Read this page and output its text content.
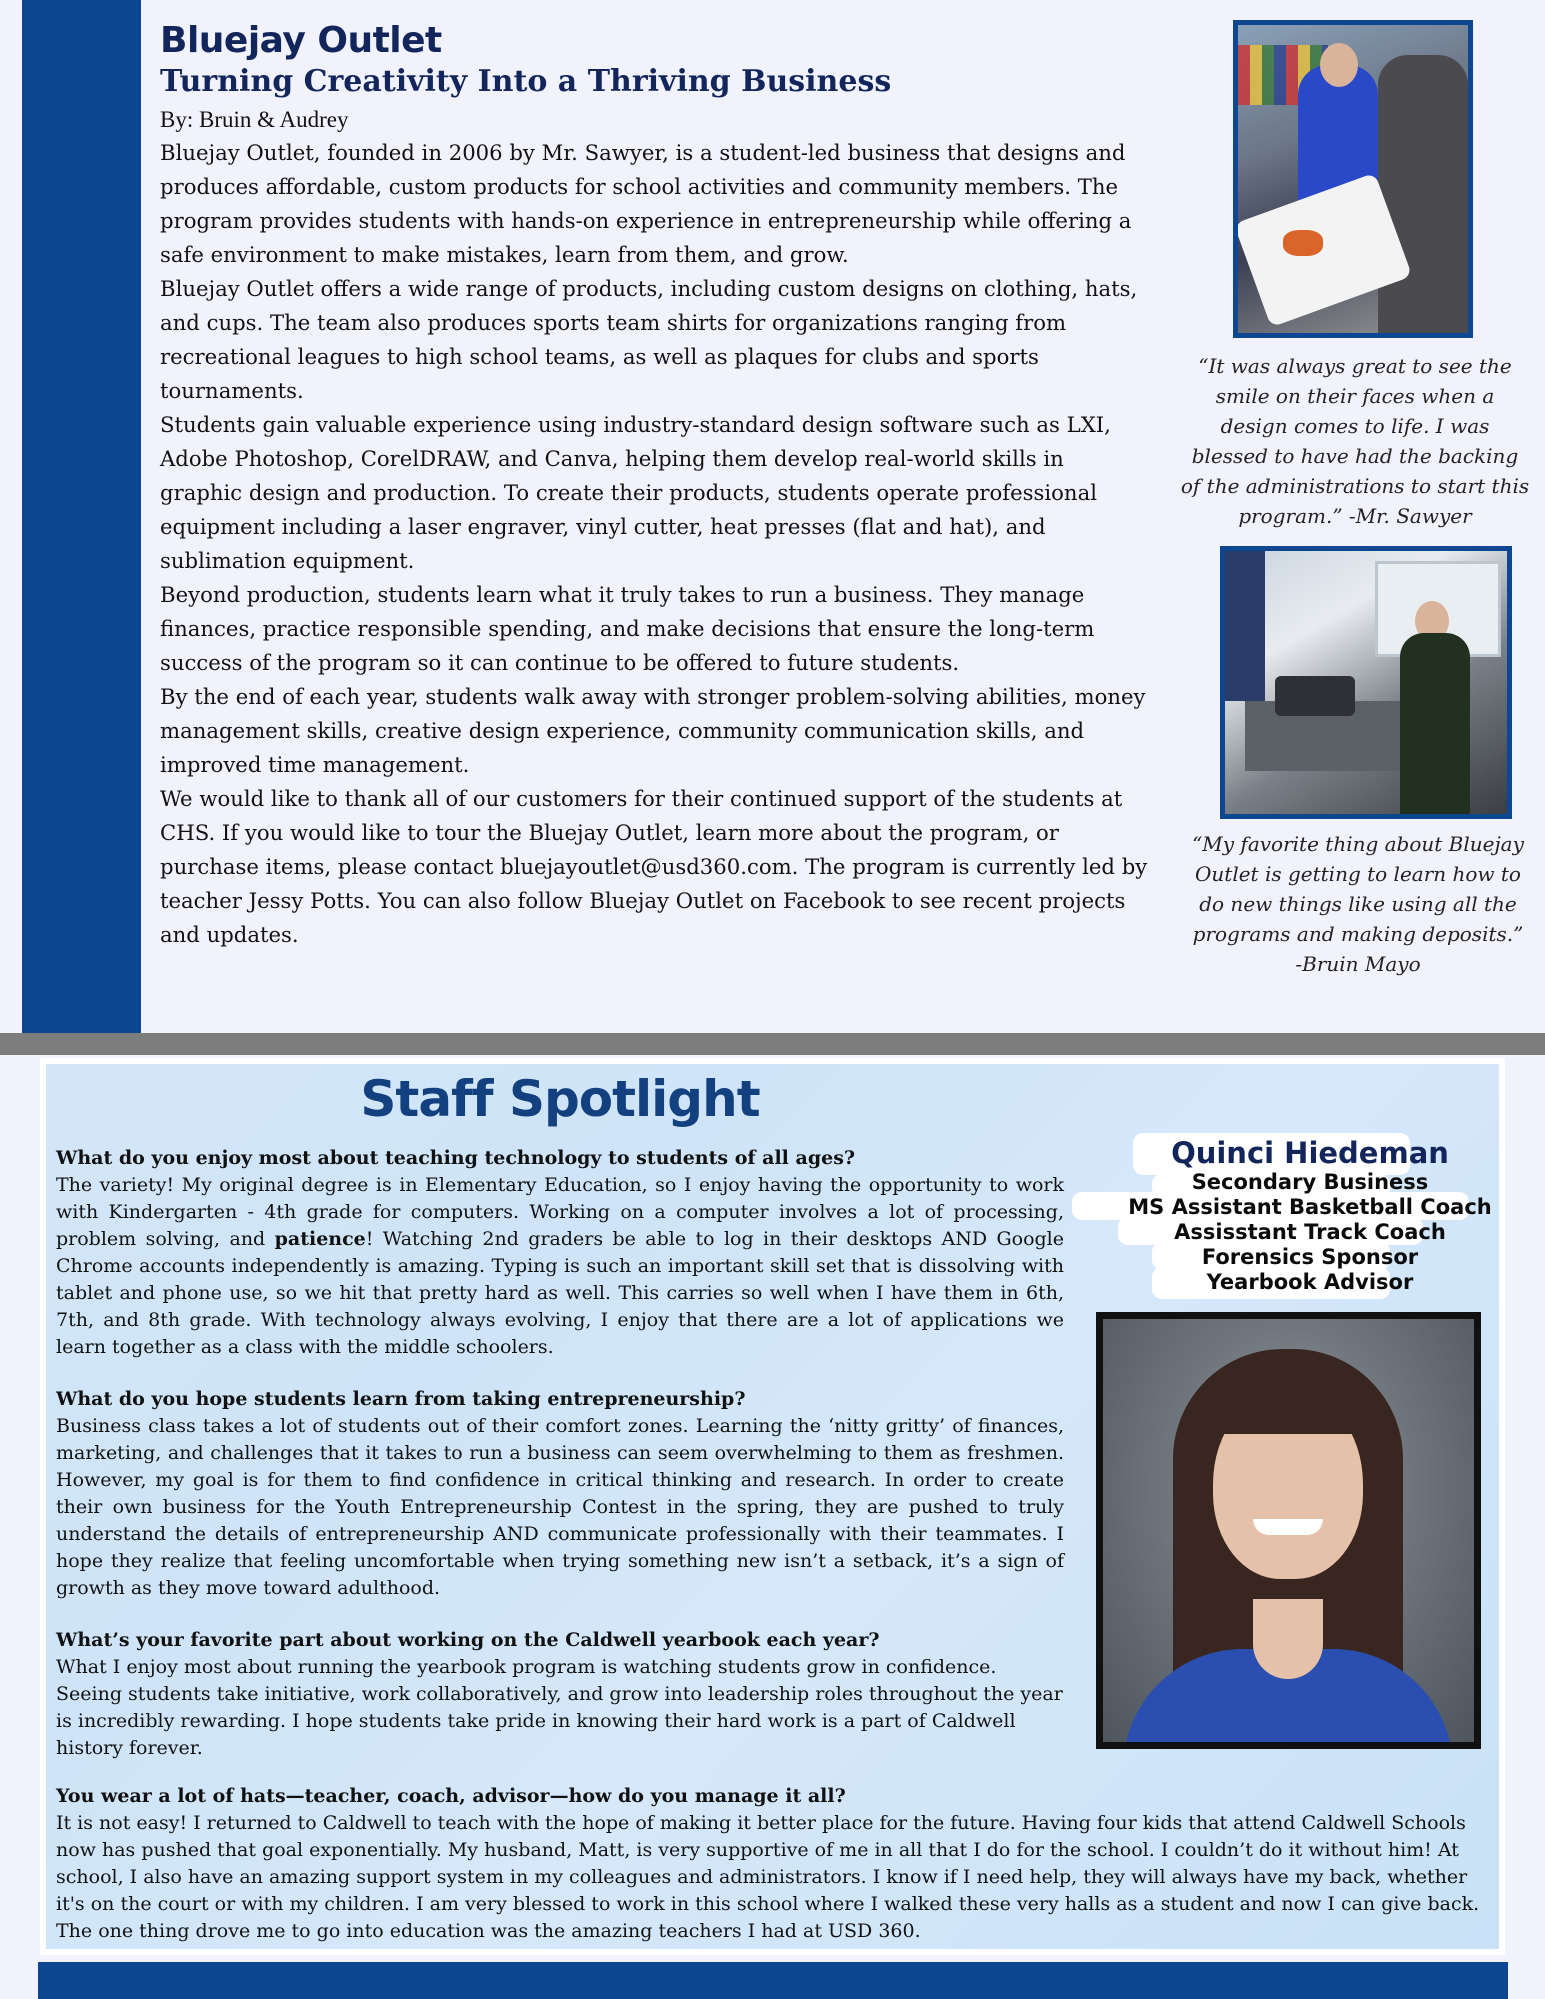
Bluejay Outlet
Turning Creativity Into a Thriving Business
By: Bruin & Audrey

Bluejay Outlet, founded in 2006 by Mr. Sawyer, is a student-led business that designs and produces affordable, custom products for school activities and community members. The program provides students with hands-on experience in entrepreneurship while offering a safe environment to make mistakes, learn from them, and grow.

Bluejay Outlet offers a wide range of products, including custom designs on clothing, hats, and cups. The team also produces sports team shirts for organizations ranging from recreational leagues to high school teams, as well as plaques for clubs and sports tournaments.

Students gain valuable experience using industry-standard design software such as LXI, Adobe Photoshop, CorelDRAW, and Canva, helping them develop real-world skills in graphic design and production. To create their products, students operate professional equipment including a laser engraver, vinyl cutter, heat presses (flat and hat), and sublimation equipment.

Beyond production, students learn what it truly takes to run a business. They manage finances, practice responsible spending, and make decisions that ensure the long-term success of the program so it can continue to be offered to future students.

By the end of each year, students walk away with stronger problem-solving abilities, money management skills, creative design experience, community communication skills, and improved time management.

We would like to thank all of our customers for their continued support of the students at CHS. If you would like to tour the Bluejay Outlet, learn more about the program, or purchase items, please contact bluejayoutlet@usd360.com. The program is currently led by teacher Jessy Potts. You can also follow Bluejay Outlet on Facebook to see recent projects and updates.

“It was always great to see the smile on their faces when a design comes to life. I was blessed to have had the backing of the administrations to start this program.” -Mr. Sawyer
“My favorite thing about Bluejay Outlet is getting to learn how to do new things like using all the programs and making deposits.”
-Bruin Mayo
Staff Spotlight

What do you enjoy most about teaching technology to students of all ages?

The variety! My original degree is in Elementary Education, so I enjoy having the opportunity to work with Kindergarten - 4th grade for computers. Working on a computer involves a lot of processing, problem solving, and patience! Watching 2nd graders be able to log in their desktops AND Google Chrome accounts independently is amazing. Typing is such an important skill set that is dissolving with tablet and phone use, so we hit that pretty hard as well. This carries so well when I have them in 6th, 7th, and 8th grade. With technology always evolving, I enjoy that there are a lot of applications we learn together as a class with the middle schoolers.

What do you hope students learn from taking entrepreneurship?

Business class takes a lot of students out of their comfort zones. Learning the ‘nitty gritty’ of finances, marketing, and challenges that it takes to run a business can seem overwhelming to them as freshmen. However, my goal is for them to find confidence in critical thinking and research. In order to create their own business for the Youth Entrepreneurship Contest in the spring, they are pushed to truly understand the details of entrepreneurship AND communicate professionally with their teammates. I hope they realize that feeling uncomfortable when trying something new isn’t a setback, it’s a sign of growth as they move toward adulthood.

What’s your favorite part about working on the Caldwell yearbook each year?

What I enjoy most about running the yearbook program is watching students grow in confidence. Seeing students take initiative, work collaboratively, and grow into leadership roles throughout the year is incredibly rewarding. I hope students take pride in knowing their hard work is a part of Caldwell history forever.

You wear a lot of hats—teacher, coach, advisor—how do you manage it all?

It is not easy! I returned to Caldwell to teach with the hope of making it better place for the future. Having four kids that attend Caldwell Schools now has pushed that goal exponentially. My husband, Matt, is very supportive of me in all that I do for the school. I couldn’t do it without him! At school, I also have an amazing support system in my colleagues and administrators. I know if I need help, they will always have my back, whether it's on the court or with my children. I am very blessed to work in this school where I walked these very halls as a student and now I can give back. The one thing drove me to go into education was the amazing teachers I had at USD 360.

Quinci Hiedeman
Secondary Business
MS Assistant Basketball Coach
Assisstant Track Coach
Forensics Sponsor
Yearbook Advisor
